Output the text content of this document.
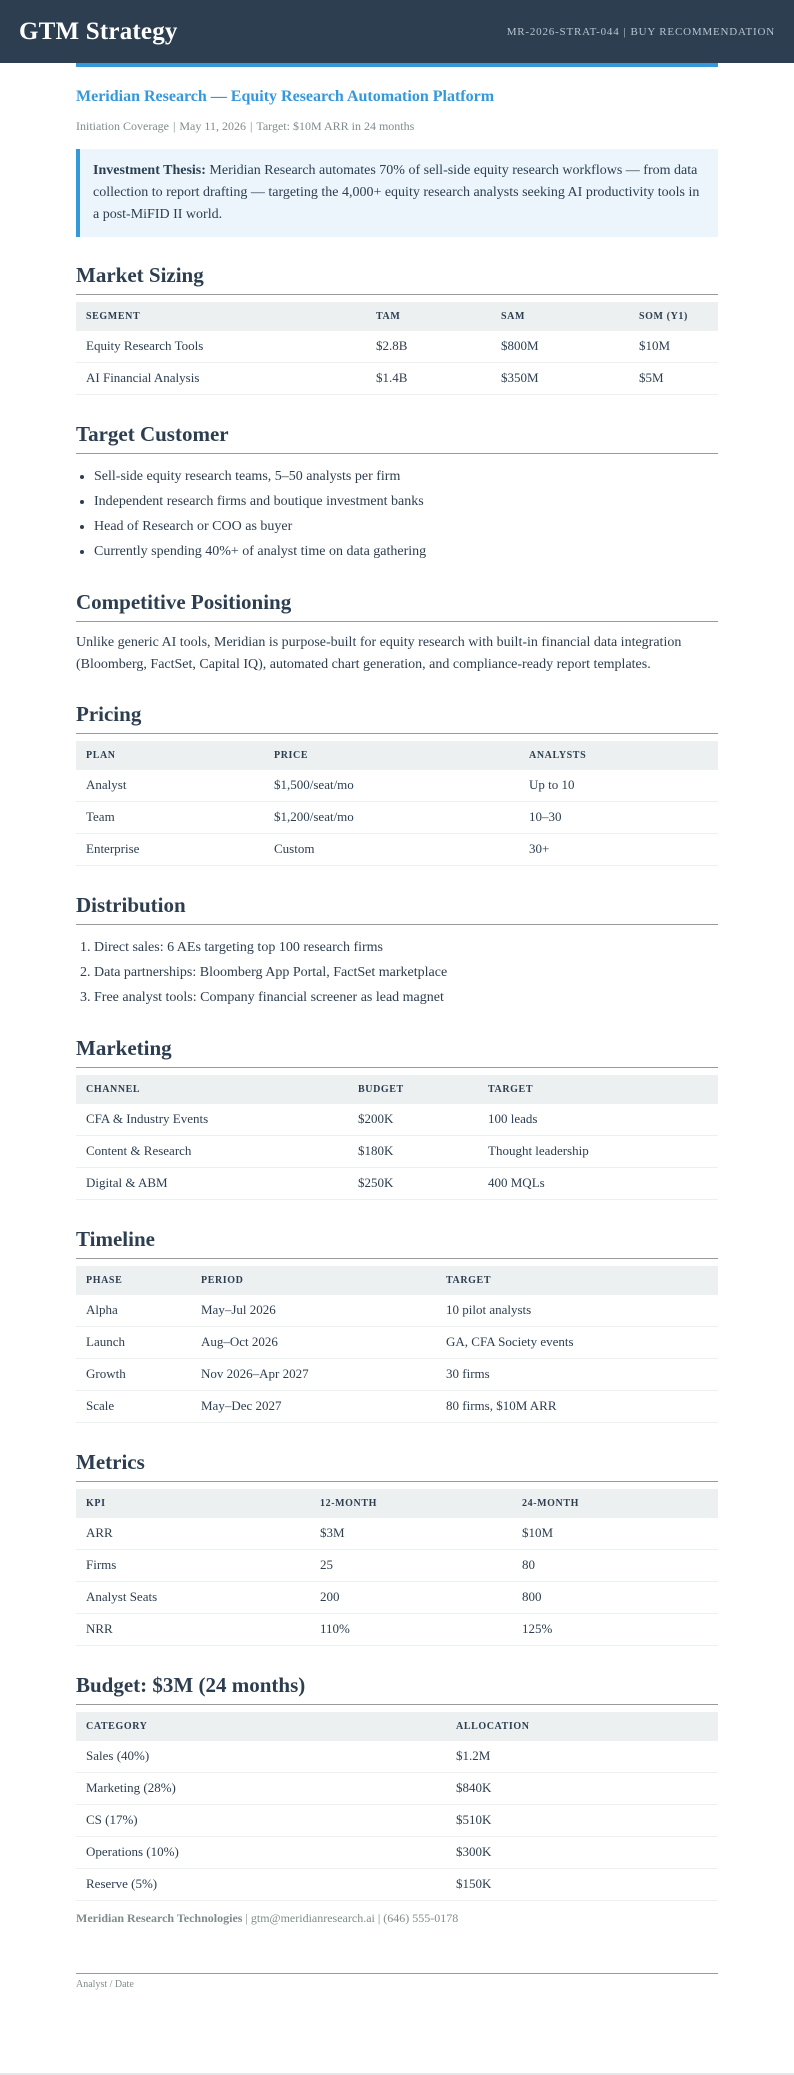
GTM Strategy	MR-2026-STRAT-044 | BUY RECOMMENDATION
Meridian Research — Equity Research Automation Platform
Initiation Coverage | May 11, 2026 | Target: $10M ARR in 24 months
Investment Thesis: Meridian Research automates 70% of sell-side equity research workflows — from data collection to report drafting — targeting the 4,000+ equity research analysts seeking AI productivity tools in a post-MiFID II world.
Market Sizing
SEGMENT	TAM	SAM	SOM (Y1)
Equity Research Tools	$2.8B	$800M	$10M
AI Financial Analysis	$1.4B	$350M	$5M
Target Customer
• Sell-side equity research teams, 5–50 analysts per firm
• Independent research firms and boutique investment banks
• Head of Research or COO as buyer
• Currently spending 40%+ of analyst time on data gathering
Competitive Positioning

Unlike generic AI tools, Meridian is purpose-built for equity research with built-in financial data integration (Bloomberg, FactSet, Capital IQ), automated chart generation, and compliance-ready report templates.

Pricing
PLAN	PRICE	ANALYSTS
Analyst	$1,500/seat/mo	Up to 10
Team	$1,200/seat/mo	10–30
Enterprise	Custom	30+
Distribution
1. Direct sales: 6 AEs targeting top 100 research firms
2. Data partnerships: Bloomberg App Portal, FactSet marketplace
3. Free analyst tools: Company financial screener as lead magnet
Marketing
CHANNEL	BUDGET	TARGET
CFA & Industry Events	$200K	100 leads
Content & Research	$180K	Thought leadership
Digital & ABM	$250K	400 MQLs
Timeline
PHASE	PERIOD	TARGET
Alpha	May–Jul 2026	10 pilot analysts
Launch	Aug–Oct 2026	GA, CFA Society events
Growth	Nov 2026–Apr 2027	30 firms
Scale	May–Dec 2027	80 firms, $10M ARR
Metrics
KPI	12-MONTH	24-MONTH
ARR	$3M	$10M
Firms	25	80
Analyst Seats	200	800
NRR	110%	125%
Budget: $3M (24 months)
CATEGORY	ALLOCATION
Sales (40%)	$1.2M
Marketing (28%)	$840K
CS (17%)	$510K
Operations (10%)	$300K
Reserve (5%)	$150K
Meridian Research Technologies | gtm@meridianresearch.ai | (646) 555-0178
Analyst / Date
